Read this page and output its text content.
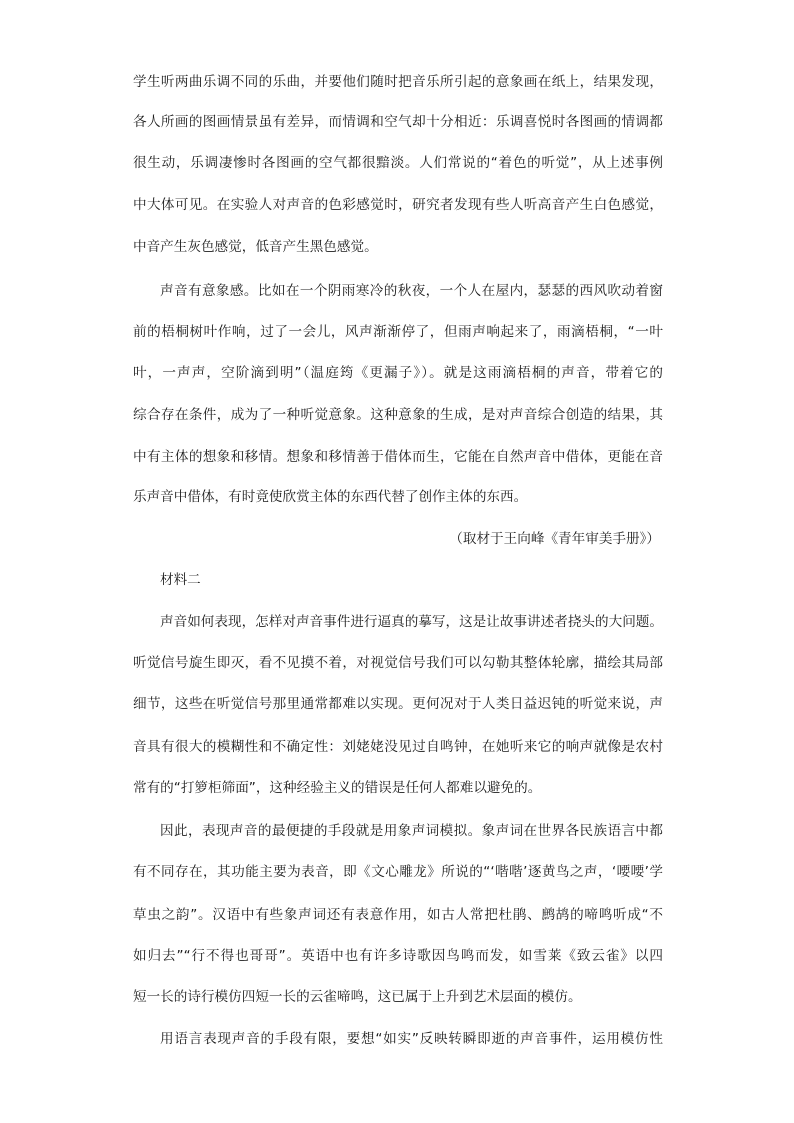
学生听两曲乐调不同的乐曲，并要他们随时把音乐所引起的意象画在纸上，结果发现，
各人所画的图画情景虽有差异，而情调和空气却十分相近：乐调喜悦时各图画的情调都
很生动，乐调凄惨时各图画的空气都很黯淡。人们常说的“着色的听觉”，从上述事例
中大体可见。在实验人对声音的色彩感觉时，研究者发现有些人听高音产生白色感觉，
中音产生灰色感觉，低音产生黑色感觉。
声音有意象感。比如在一个阴雨寒冷的秋夜，一个人在屋内，瑟瑟的西风吹动着窗
前的梧桐树叶作响，过了一会儿，风声渐渐停了，但雨声响起来了，雨滴梧桐，“一叶
叶，一声声，空阶滴到明”（温庭筠《更漏子》）。就是这雨滴梧桐的声音，带着它的
综合存在条件，成为了一种听觉意象。这种意象的生成，是对声音综合创造的结果，其
中有主体的想象和移情。想象和移情善于借体而生，它能在自然声音中借体，更能在音
乐声音中借体，有时竟使欣赏主体的东西代替了创作主体的东西。
（取材于王向峰《青年审美手册》）
材料二
声音如何表现，怎样对声音事件进行逼真的摹写，这是让故事讲述者挠头的大问题。
听觉信号旋生即灭，看不见摸不着，对视觉信号我们可以勾勒其整体轮廓，描绘其局部
细节，这些在听觉信号那里通常都难以实现。更何况对于人类日益迟钝的听觉来说，声
音具有很大的模糊性和不确定性：刘姥姥没见过自鸣钟，在她听来它的响声就像是农村
常有的“打箩柜筛面”，这种经验主义的错误是任何人都难以避免的。
因此，表现声音的最便捷的手段就是用象声词模拟。象声词在世界各民族语言中都
有不同存在，其功能主要为表音，即《文心雕龙》所说的“‘喈喈’逐黄鸟之声，‘喓喓’学
草虫之韵”。汉语中有些象声词还有表意作用，如古人常把杜鹃、鹧鸪的啼鸣听成“不
如归去”“行不得也哥哥”。英语中也有许多诗歌因鸟鸣而发，如雪莱《致云雀》以四
短一长的诗行模仿四短一长的云雀啼鸣，这已属于上升到艺术层面的模仿。
用语言表现声音的手段有限，要想“如实”反映转瞬即逝的声音事件，运用模仿性
